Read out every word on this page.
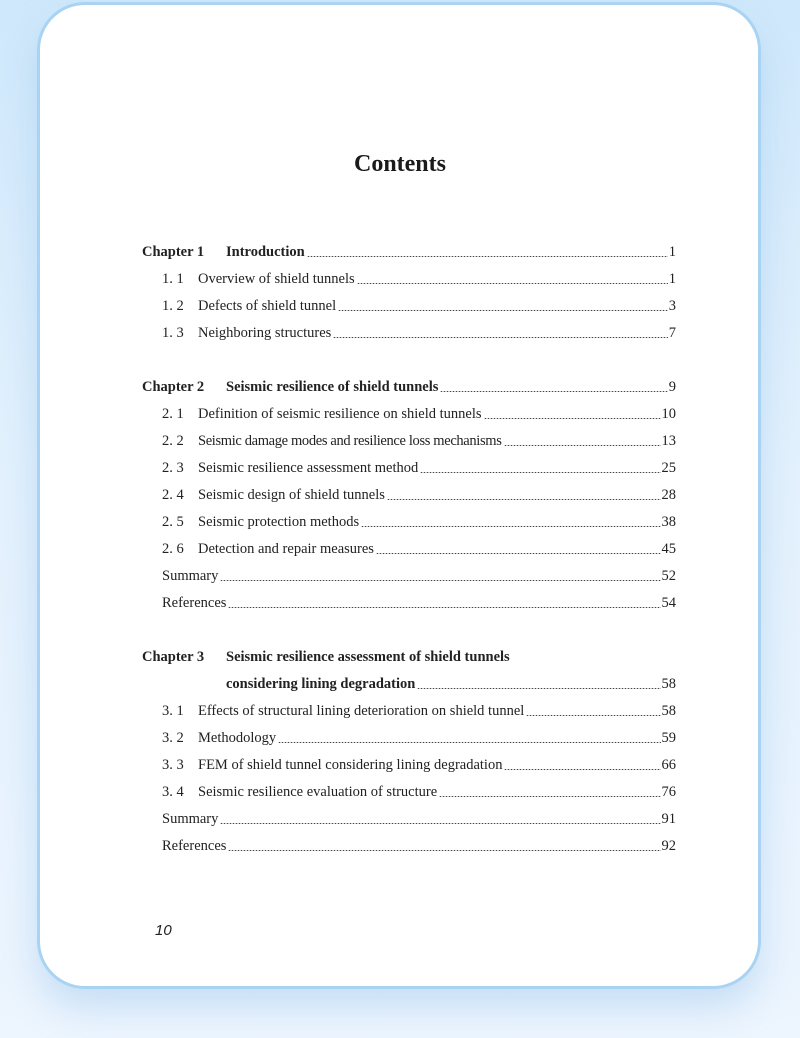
Contents
Chapter 1 Introduction	1
1. 1 Overview of shield tunnels	1
1. 2 Defects of shield tunnel	3
1. 3 Neighboring structures	7
Chapter 2 Seismic resilience of shield tunnels	9
2. 1 Definition of seismic resilience on shield tunnels	10
2. 2 Seismic damage modes and resilience loss mechanisms	13
2. 3 Seismic resilience assessment method	25
2. 4 Seismic design of shield tunnels	28
2. 5 Seismic protection methods	38
2. 6 Detection and repair measures	45
Summary	52
References	54
Chapter 3 Seismic resilience assessment of shield tunnels
considering lining degradation	58
3. 1 Effects of structural lining deterioration on shield tunnel	58
3. 2 Methodology	59
3. 3 FEM of shield tunnel considering lining degradation	66
3. 4 Seismic resilience evaluation of structure	76
Summary	91
References	92
10
